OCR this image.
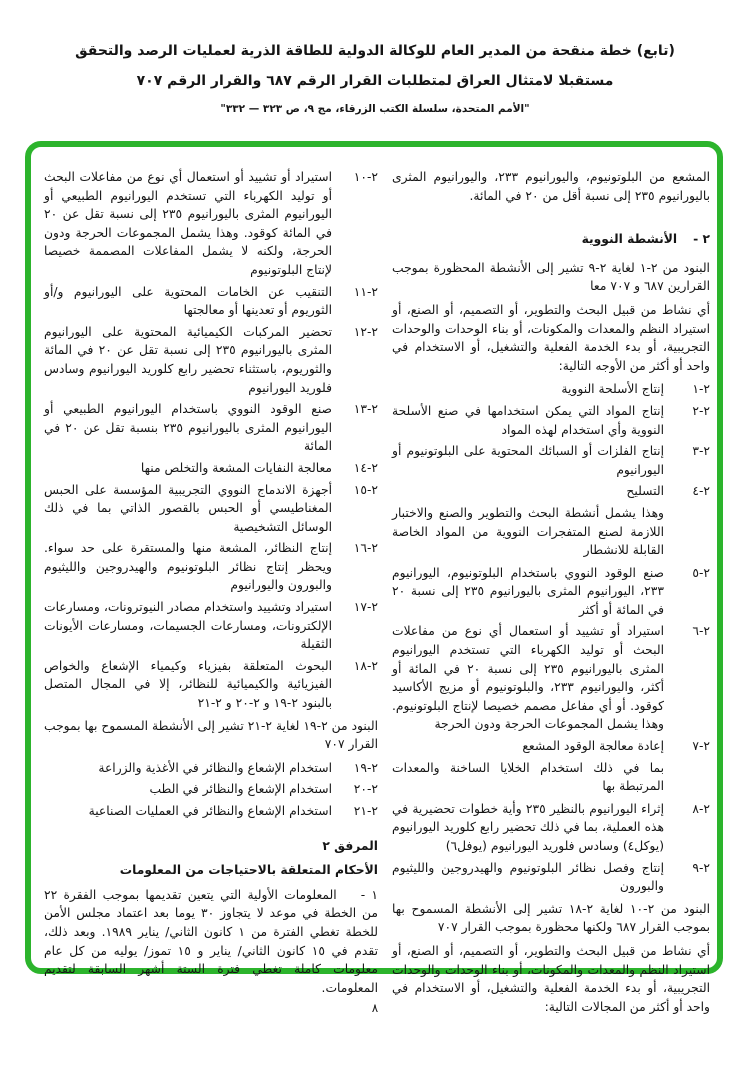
(تابع) خطة منقحة من المدير العام للوكالة الدولية للطاقة الذرية لعمليات الرصد والتحقق
مستقبلا لامتثال العراق لمتطلبات القرار الرقم ٦٨٧ والقرار الرقم ٧٠٧
"الأمم المتحدة، سلسلة الكتب الزرقاء، مج ٩، ص ٣٢٣ — ٣٣٢"

المشعع من البلوتونيوم، واليورانيوم ٢٣٣، واليورانيوم المثرى باليورانيوم ٢٣٥ إلى نسبة أقل من ٢٠ في المائة.

٢ -الأنشطة النووية

البنود من ٢-١ لغاية ٢-٩ تشير إلى الأنشطة المحظورة بموجب القرارين ٦٨٧ و ٧٠٧ معا

أي نشاط من قبيل البحث والتطوير، أو التصميم، أو الصنع، أو استيراد النظم والمعدات والمكونات، أو بناء الوحدات والوحدات التجريبية، أو بدء الخدمة الفعلية والتشغيل، أو الاستخدام في واحد أو أكثر من الأوجه التالية:

٢-١
إنتاج الأسلحة النووية
٢-٢
إنتاج المواد التي يمكن استخدامها في صنع الأسلحة النووية وأي استخدام لهذه المواد
٢-٣
إنتاج الفلزات أو السبائك المحتوية على البلوتونيوم أو اليورانيوم
٢-٤
التسليح

وهذا يشمل أنشطة البحث والتطوير والصنع والاختبار اللازمة لصنع المتفجرات النووية من المواد الخاصة القابلة للانشطار

٢-٥
صنع الوقود النووي باستخدام البلوتونيوم، اليورانيوم ٢٣٣، اليورانيوم المثرى باليورانيوم ٢٣٥ إلى نسبة ٢٠ في المائة أو أكثر
٢-٦
استيراد أو تشييد أو استعمال أي نوع من مفاعلات البحث أو توليد الكهرباء التي تستخدم اليورانيوم المثرى باليورانيوم ٢٣٥ إلى نسبة ٢٠ في المائة أو أكثر، واليورانيوم ٢٣٣، والبلوتونيوم أو مزيج الأكاسيد كوقود. أو أي مفاعل مصمم خصيصا لإنتاج البلوتونيوم. وهذا يشمل المجموعات الحرجة ودون الحرجة
٢-٧
إعادة معالجة الوقود المشعع

بما في ذلك استخدام الخلايا الساخنة والمعدات المرتبطة بها

٢-٨
إثراء اليورانيوم بالنظير ٢٣٥ وأية خطوات تحضيرية في هذه العملية، بما في ذلك تحضير رابع كلوريد اليورانيوم (يوكل٤) وسادس فلوريد اليورانيوم (يوفل٦)
٢-٩
إنتاج وفصل نظائر البلوتونيوم والهيدروجين والليثيوم والبورون

البنود من ٢-١٠ لغاية ٢-١٨ تشير إلى الأنشطة المسموح بها بموجب القرار ٦٨٧ ولكنها محظورة بموجب القرار ٧٠٧

أي نشاط من قبيل البحث والتطوير، أو التصميم، أو الصنع، أو استيراد النظم والمعدات والمكونات، أو بناء الوحدات والوحدات التجريبية، أو بدء الخدمة الفعلية والتشغيل، أو الاستخدام في واحد أو أكثر من المجالات التالية:

٢-١٠
استيراد أو تشييد أو استعمال أي نوع من مفاعلات البحث أو توليد الكهرباء التي تستخدم اليورانيوم الطبيعي أو اليورانيوم المثرى باليورانيوم ٢٣٥ إلى نسبة تقل عن ٢٠ في المائة كوقود. وهذا يشمل المجموعات الحرجة ودون الحرجة، ولكنه لا يشمل المفاعلات المصممة خصيصا لإنتاج البلوتونيوم
٢-١١
التنقيب عن الخامات المحتوية على اليورانيوم و/أو الثوريوم أو تعدينها أو معالجتها
٢-١٢
تحضير المركبات الكيميائية المحتوية على اليورانيوم المثرى باليورانيوم ٢٣٥ إلى نسبة تقل عن ٢٠ في المائة والثوريوم، باستثناء تحضير رابع كلوريد اليورانيوم وسادس فلوريد اليورانيوم
٢-١٣
صنع الوقود النووي باستخدام اليورانيوم الطبيعي أو اليورانيوم المثرى باليورانيوم ٢٣٥ بنسبة تقل عن ٢٠ في المائة
٢-١٤
معالجة النفايات المشعة والتخلص منها
٢-١٥
أجهزة الاندماج النووي التجريبية المؤسسة على الحبس المغناطيسي أو الحبس بالقصور الذاتي بما في ذلك الوسائل التشخيصية
٢-١٦
إنتاج النظائر، المشعة منها والمستقرة على حد سواء. ويحظر إنتاج نظائر البلوتونيوم والهيدروجين والليثيوم والبورون واليورانيوم
٢-١٧
استيراد وتشييد واستخدام مصادر النيوترونات، ومسارعات الإلكترونات، ومسارعات الجسيمات، ومسارعات الأيونات الثقيلة
٢-١٨
البحوث المتعلقة بفيزياء وكيمياء الإشعاع والخواص الفيزيائية والكيميائية للنظائر، إلا في المجال المتصل بالبنود ٢-١٩ و ٢-٢٠ و ٢-٢١

البنود من ٢-١٩ لغاية ٢-٢١ تشير إلى الأنشطة المسموح بها بموجب القرار ٧٠٧

٢-١٩
استخدام الإشعاع والنظائر في الأغذية والزراعة
٢-٢٠
استخدام الإشعاع والنظائر في الطب
٢-٢١
استخدام الإشعاع والنظائر في العمليات الصناعية
المرفق ٢
الأحكام المتعلقة بالاحتياجات من المعلومات

١ -المعلومات الأولية التي يتعين تقديمها بموجب الفقرة ٢٢ من الخطة في موعد لا يتجاوز ٣٠ يوما بعد اعتماد مجلس الأمن للخطة تغطي الفترة من ١ كانون الثاني/ يناير ١٩٨٩. وبعد ذلك، تقدم في ١٥ كانون الثاني/ يناير و ١٥ تموز/ يوليه من كل عام معلومات كاملة تغطي فترة الستة أشهر السابقة لتقديم المعلومات.

٨
